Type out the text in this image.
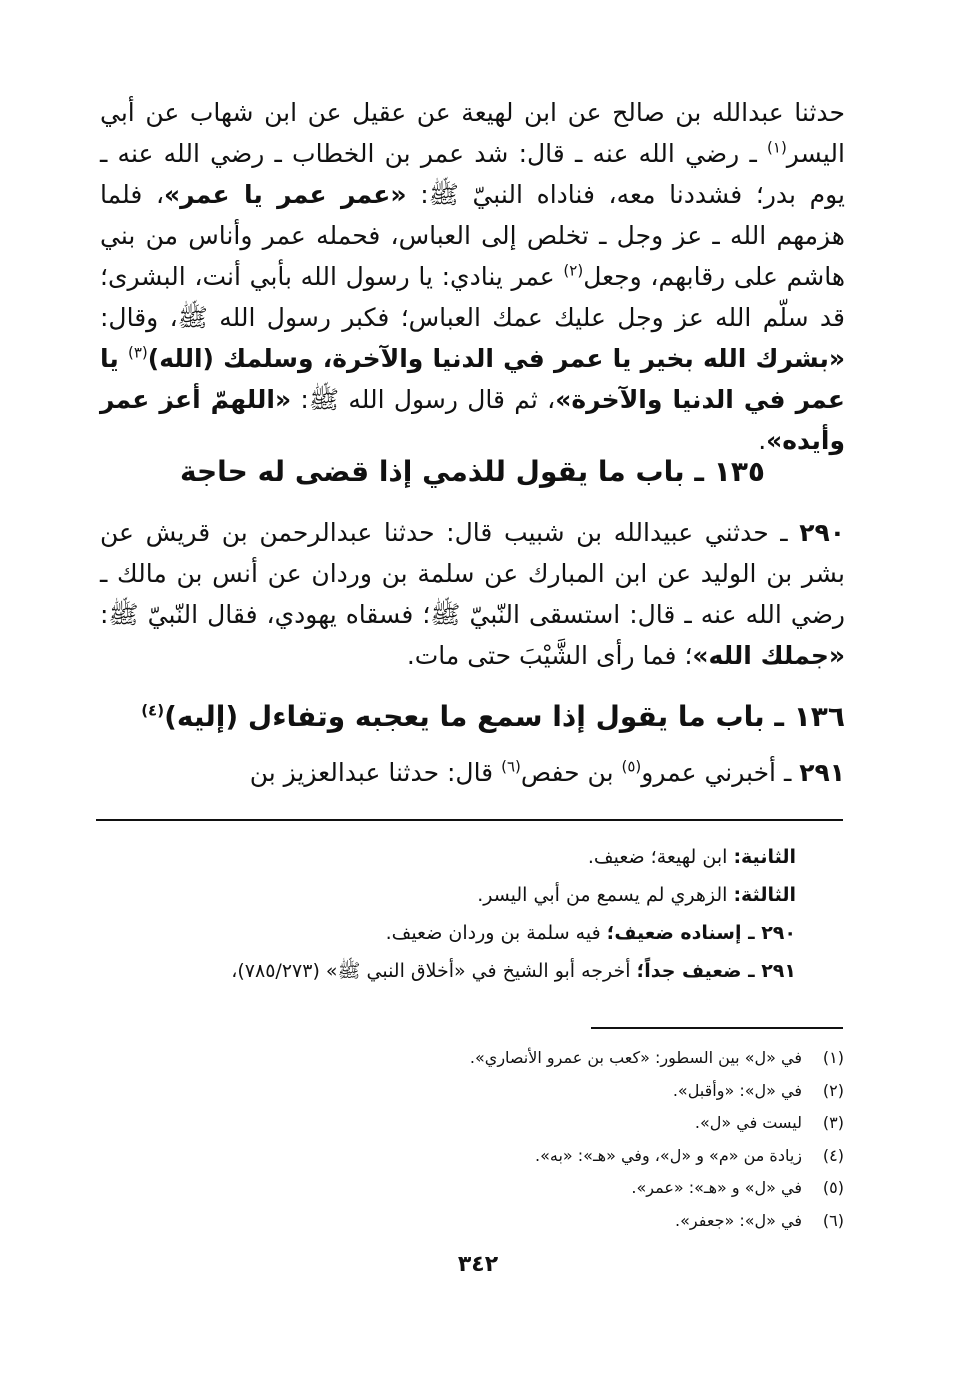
حدثنا عبدالله بن صالح عن ابن لهيعة عن عقيل عن ابن شهاب عن أبي اليسر$^{(١)}$ ـ رضي الله عنه ـ قال: شد عمر بن الخطاب ـ رضي الله عنه ـ يوم بدر؛ فشددنا معه، فناداه النبيّ ﷺ: «عمر عمر يا عمر»، فلما هزمهم الله ـ عز وجل ـ تخلص إلى العباس، فحمله عمر وأناس من بني هاشم على رقابهم، وجعل$^{(٢)}$ عمر ينادي: يا رسول الله بأبي أنت، البشرى؛ قد سلّم الله عز وجل عليك عمك العباس؛ فكبر رسول الله ﷺ، وقال: «بشرك الله بخير يا عمر في الدنيا والآخرة، وسلمك (الله)$^{(٣)}$ يا عمر في الدنيا والآخرة»، ثم قال رسول الله ﷺ: «اللهمّ أعز عمر وأيده».
١٣٥ ـ باب ما يقول للذمي إذا قضى له حاجة
٢٩٠ ـ حدثني عبيدالله بن شبيب قال: حدثنا عبدالرحمن بن قريش عن بشر بن الوليد عن ابن المبارك عن سلمة بن وردان عن أنس بن مالك ـ رضي الله عنه ـ قال: استسقى النّبيّ ﷺ؛ فسقاه يهودي، فقال النّبيّ ﷺ: «جملك الله»؛ فما رأى الشَّيْبَ حتى مات.
١٣٦ ـ باب ما يقول إذا سمع ما يعجبه وتفاءل (إليه)$^{(٤)}$
٢٩١ ـ أخبرني عمرو$^{(٥)}$ بن حفص$^{(٦)}$ قال: حدثنا عبدالعزيز بن
الثانية: ابن لهيعة؛ ضعيف.
الثالثة: الزهري لم يسمع من أبي اليسر.
٢٩٠ ـ إسناده ضعيف؛ فيه سلمة بن وردان ضعيف.
٢٩١ ـ ضعيف جداً؛ أخرجه أبو الشيخ في «أخلاق النبي ﷺ» (٧٨٥/٢٧٣)،
(١)
في «ل» بين السطور: «كعب بن عمرو الأنصاري».
(٢)
في «ل»: «وأقبل».
(٣)
ليست في «ل».
(٤)
زيادة من «م» و «ل»، وفي «هـ»: «به».
(٥)
في «ل» و «هـ»: «عمر».
(٦)
في «ل»: «جعفر».
٣٤٢
